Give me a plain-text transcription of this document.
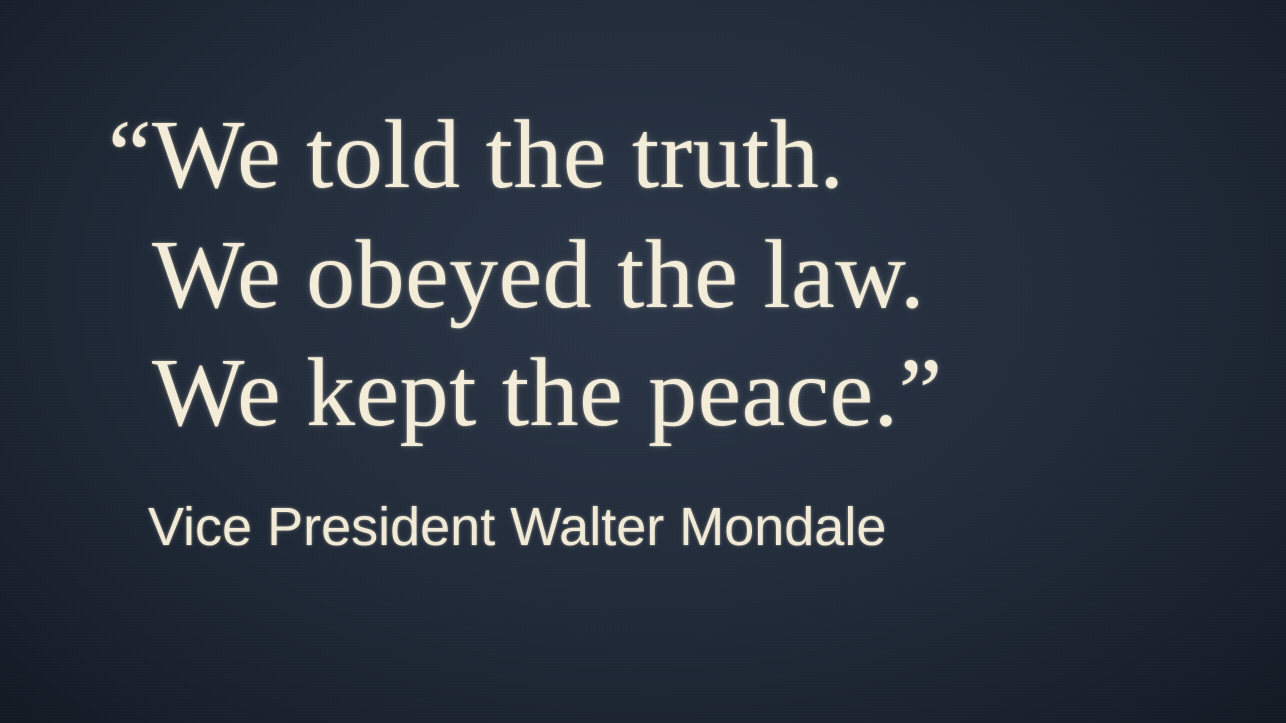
“We told the truth.

We obeyed the law.

We kept the peace.”

Vice President Walter Mondale
